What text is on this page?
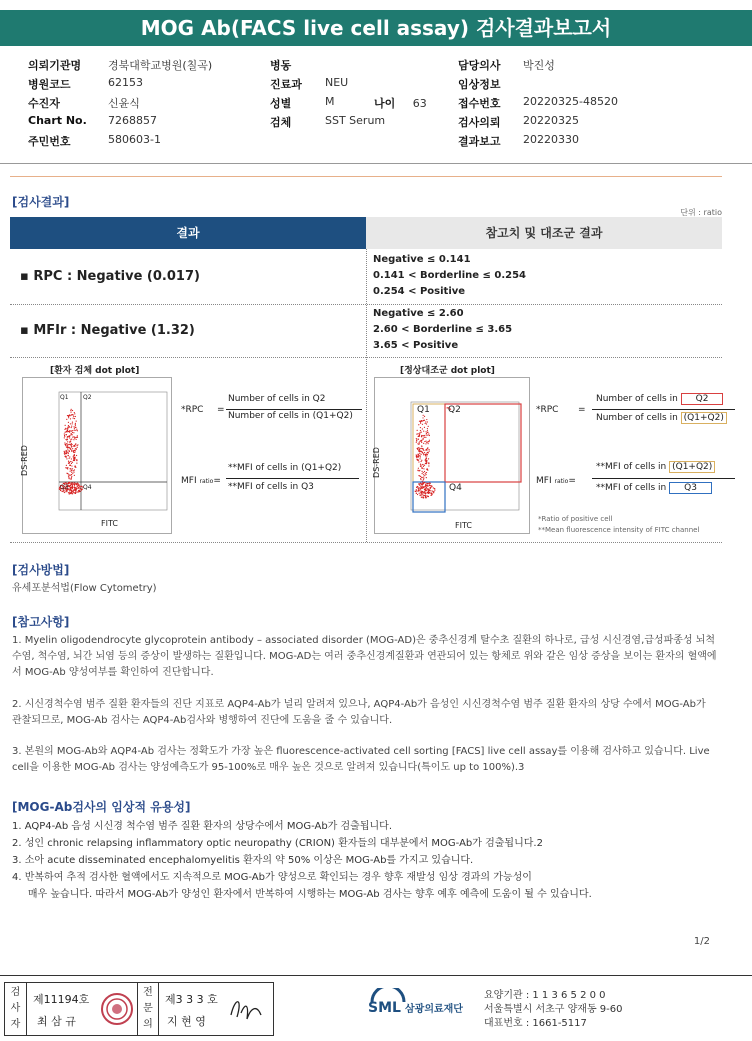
MOG Ab(FACS live cell assay) 검사결과보고서
의뢰기관명 경북대학교병원(칠곡)
병원코드	62153
수진자	신윤식
Chart No. 7268857
주민번호	580603-1
병동
진료과 NEU
성별	M
검체	SST Serum
나이 63
담당의사 박진성
임상정보
접수번호 20220325-48520
검사의뢰 20220325
결과보고 20220330
[검사결과]
단위 : ratio
결과	참고치 및 대조군 결과
▪ RPC : Negative (0.017)
Negative ≤ 0.141
0.141 < Borderline ≤ 0.254
0.254 < Positive
▪ MFIr : Negative (1.32)
Negative ≤ 2.60
2.60 < Borderline ≤ 3.65
3.65 < Positive
[환자 검체 dot plot]	[정상대조군 dot plot]
Q1 Q2
Q3 Q4
DS-RED
FITC
*RPC =
Number of cells in Q2
Number of cells in (Q1+Q2)
MFI ratio=
**MFI of cells in (Q1+Q2)
**MFI of cells in Q3
Q1 Q2
Q4
DS-RED
FITC
*RPC =
Number of cells in Q2
Number of cells in (Q1+Q2)
MFI ratio=
**MFI of cells in (Q1+Q2)
**MFI of cells in Q3
*Ratio of positive cell
**Mean fluorescence intensity of FITC channel
[검사방법]
유세포분석법(Flow Cytometry)
[참고사항]
1. Myelin oligodendrocyte glycoprotein antibody – associated disorder (MOG-AD)은 중추신경계 탈수초 질환의 하나로, 급성 시신경염,급성파종성 뇌척수염, 척수염, 뇌간 뇌염 등의 증상이 발생하는 질환입니다. MOG-AD는 여러 중추신경계질환과 연관되어 있는 항체로 위와 같은 임상 증상을 보이는 환자의 혈액에서 MOG-Ab 양성여부를 확인하여 진단합니다.
2. 시신경척수염 범주 질환 환자들의 진단 지표로 AQP4-Ab가 널리 알려져 있으나, AQP4-Ab가 음성인 시신경척수염 범주 질환 환자의 상당 수에서 MOG-Ab가 관찰되므로, MOG-Ab 검사는 AQP4-Ab검사와 병행하여 진단에 도움을 줄 수 있습니다.
3. 본원의 MOG-Ab와 AQP4-Ab 검사는 정확도가 가장 높은 fluorescence-activated cell sorting [FACS] live cell assay를 이용해 검사하고 있습니다. Live cell을 이용한 MOG-Ab 검사는 양성예측도가 95-100%로 매우 높은 것으로 알려져 있습니다(특이도 up to 100%).3
[MOG-Ab검사의 임상적 유용성]
1. AQP4-Ab 음성 시신경 척수염 범주 질환 환자의 상당수에서 MOG-Ab가 검출됩니다.
2. 성인 chronic relapsing inflammatory optic neuropathy (CRION) 환자들의 대부분에서 MOG-Ab가 검출됩니다.2
3. 소아 acute disseminated encephalomyelitis 환자의 약 50% 이상은 MOG-Ab를 가지고 있습니다.
4. 반복하여 추적 검사한 혈액에서도 지속적으로 MOG-Ab가 양성으로 확인되는 경우 향후 재발성 임상 경과의 가능성이
매우 높습니다. 따라서 MOG-Ab가 양성인 환자에서 반복하여 시행하는 MOG-Ab 검사는 향후 예후 예측에 도움이 될 수 있습니다.
1/2
검
사
자
제11194호
최 삼 규
전
문
의
제3 3 3 호
지 현 영
SML 삼광의료재단
요양기관 : 1 1 3 6 5 2 0 0
서울특별시 서초구 양재동 9-60
대표번호 : 1661-5117
